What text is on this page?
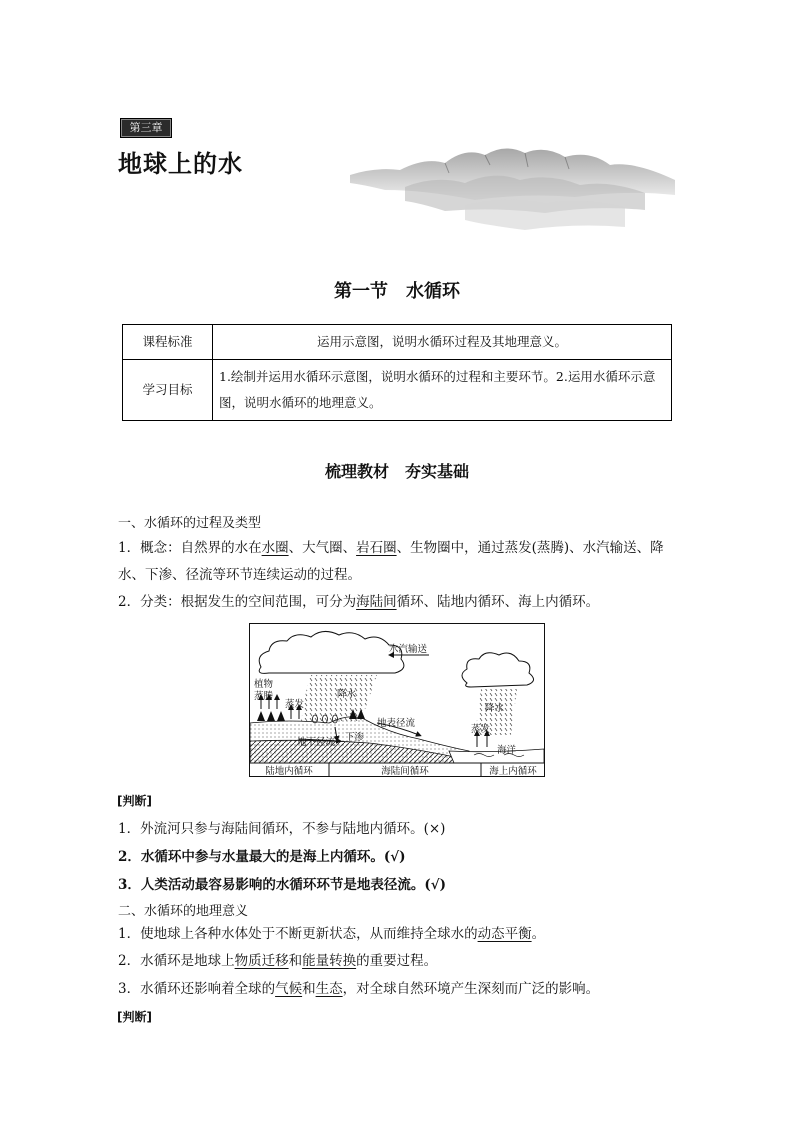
第三章
地球上的水
第一节 水循环
课程标准	运用示意图，说明水循环过程及其地理意义。
学习目标	1.绘制并运用水循环示意图，说明水循环的过程和主要环节。2.运用水循环示意图，说明水循环的地理意义。
梳理教材 夯实基础
一、水循环的过程及类型
1．概念：自然界的水在水圈、大气圈、岩石圈、生物圈中，通过蒸发(蒸腾)、水汽输送、降水、下渗、径流等环节连续运动的过程。
2．分类：根据发生的空间范围，可分为海陆间循环、陆地内循环、海上内循环。
水汽输送
植物
蒸腾
蒸发
降水
地表径流
下渗
地下径流
降水
蒸发
海洋
陆地内循环	海陆间循环	海上内循环
[判断]
1．外流河只参与海陆间循环，不参与陆地内循环。(×)
2．水循环中参与水量最大的是海上内循环。(√)
3．人类活动最容易影响的水循环环节是地表径流。(√)
二、水循环的地理意义
1．使地球上各种水体处于不断更新状态，从而维持全球水的动态平衡。
2．水循环是地球上物质迁移和能量转换的重要过程。
3．水循环还影响着全球的气候和生态，对全球自然环境产生深刻而广泛的影响。
[判断]
